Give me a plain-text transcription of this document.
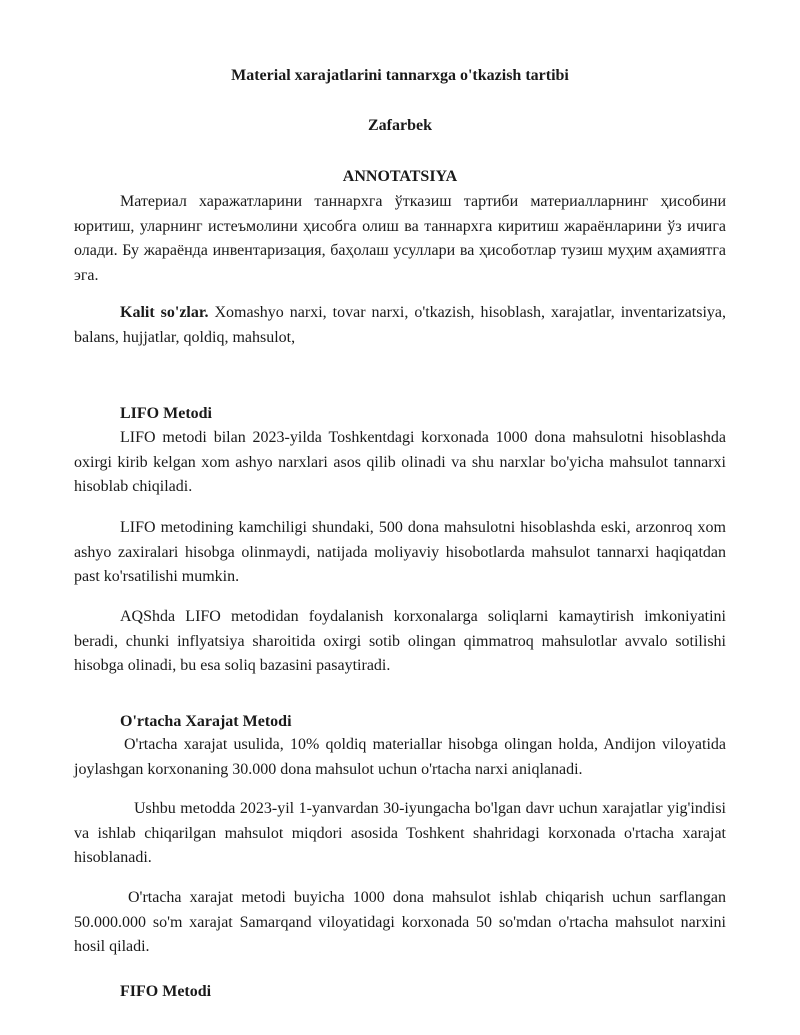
Material xarajatlarini tannarxga o'tkazish tartibi

Zafarbek

ANNOTATSIYA

Материал харажатларини таннархга ўтказиш тартиби материалларнинг ҳисобини юритиш, уларнинг истеъмолини ҳисобга олиш ва таннархга киритиш жараёнларини ўз ичига олади. Бу жараёнда инвентаризация, баҳолаш усуллари ва ҳисоботлар тузиш муҳим аҳамиятга эга.

Kalit so'zlar. Xomashyo narxi, tovar narxi, o'tkazish, hisoblash, xarajatlar, inventarizatsiya, balans, hujjatlar, qoldiq, mahsulot,

LIFO Metodi

LIFO metodi bilan 2023-yilda Toshkentdagi korxonada 1000 dona mahsulotni hisoblashda oxirgi kirib kelgan xom ashyo narxlari asos qilib olinadi va shu narxlar bo'yicha mahsulot tannarxi hisoblab chiqiladi.

LIFO metodining kamchiligi shundaki, 500 dona mahsulotni hisoblashda eski, arzonroq xom ashyo zaxiralari hisobga olinmaydi, natijada moliyaviy hisobotlarda mahsulot tannarxi haqiqatdan past ko'rsatilishi mumkin.

AQShda LIFO metodidan foydalanish korxonalarga soliqlarni kamaytirish imkoniyatini beradi, chunki inflyatsiya sharoitida oxirgi sotib olingan qimmatroq mahsulotlar avvalo sotilishi hisobga olinadi, bu esa soliq bazasini pasaytiradi.

O'rtacha Xarajat Metodi

O'rtacha xarajat usulida, 10% qoldiq materiallar hisobga olingan holda, Andijon viloyatida joylashgan korxonaning 30.000 dona mahsulot uchun o'rtacha narxi aniqlanadi.

Ushbu metodda 2023-yil 1-yanvardan 30-iyungacha bo'lgan davr uchun xarajatlar yig'indisi va ishlab chiqarilgan mahsulot miqdori asosida Toshkent shahridagi korxonada o'rtacha xarajat hisoblanadi.

O'rtacha xarajat metodi buyicha 1000 dona mahsulot ishlab chiqarish uchun sarflangan 50.000.000 so'm xarajat Samarqand viloyatidagi korxonada 50 so'mdan o'rtacha mahsulot narxini hosil qiladi.

FIFO Metodi
